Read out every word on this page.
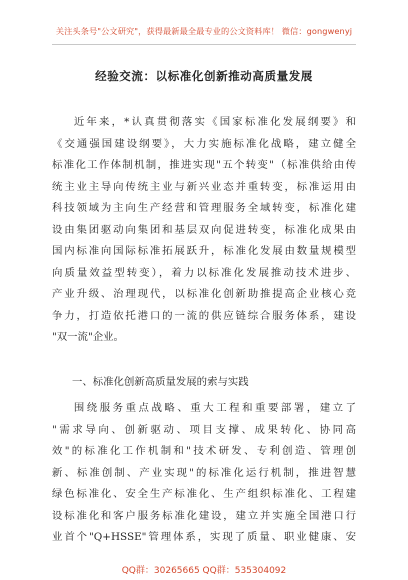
关注头条号"公文研究"，获得最新最全最专业的公文资料库！ 微信：gongwenyj
经验交流：以标准化创新推动高质量发展
近年来，*认真贯彻落实《国家标准化发展纲要》和
《交通强国建设纲要》，大力实施标准化战略，建立健全
标准化工作体制机制，推进实现"五个转变"（标准供给由传
统主业主导向传统主业与新兴业态并重转变，标准运用由
科技领域为主向生产经营和管理服务全域转变，标准化建
设由集团驱动向集团和基层双向促进转变，标准化成果由
国内标准向国际标准拓展跃升，标准化发展由数量规模型
向质量效益型转变），着力以标准化发展推动技术进步、
产业升级、治理现代，以标准化创新助推提高企业核心竞
争力，打造依托港口的一流的供应链综合服务体系，建设
"双一流"企业。
一、标准化创新高质量发展的索与实践
围绕服务重点战略、重大工程和重要部署，建立了
"需求导向、创新驱动、项目支撑、成果转化、协同高
效"的标准化工作机制和"技术研发、专利创造、管理创
新、标准创制、产业实现"的标准化运行机制，推进智慧
绿色标准化、安全生产标准化、生产组织标准化、工程建
设标准化和客户服务标准化建设，建立并实施全国港口行
业首个"Q+HSSE"管理体系，实现了质量、职业健康、安
QQ群：30265665 QQ群：535304092
